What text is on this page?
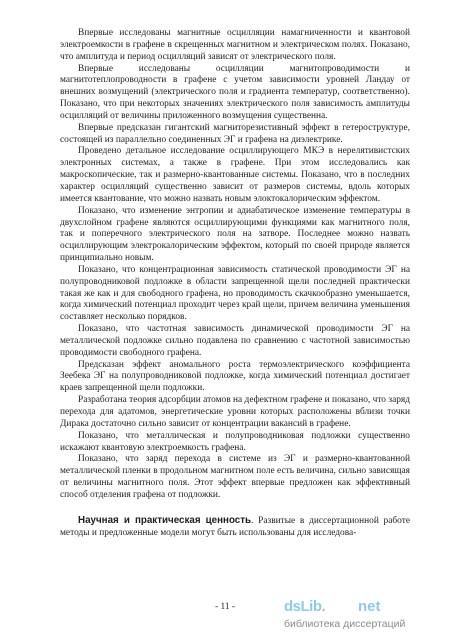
Впервые исследованы магнитные осцилляции намагниченности и квантовой электроемкости в графене в скрещенных магнитном и электрическом полях. Показано, что амплитуда и период осцилляций зависят от электрического поля.

Впервые исследованы осцилляции магнитопроводимости и магнитотеплопроводности в графене с учетом зависимости уровней Ландау от внешних возмущений (электрического поля и градиента температур, соответственно). Показано, что при некоторых значениях электрического поля зависимость амплитуды осцилляций от величины приложенного возмущения существенна.

Впервые предсказан гигантский магниторезистивный эффект в гетероструктуре, состоящей из параллельно соединенных ЭГ и графена на диэлектрике.

Проведено детальное исследование осциллирующего МКЭ в нерелятивистских электронных системах, а также в графене. При этом исследовались как макроскопические, так и размерно-квантованные системы. Показано, что в последних характер осцилляций существенно зависит от размеров системы, вдоль которых имеется квантование, что можно назвать новым элоктокалорическим эффектом.

Показано, что изменение энтропии и адиабатическое изменение температуры в двухслойном графене являются осциллирующими функциями как магнитного поля, так и поперечного электрического поля на затворе. Последнее можно назвать осциллирующим электрокалорическим эффектом, который по своей природе является принципиально новым.

Показано, что концентрационная зависимость статической проводимости ЭГ на полупроводниковой подложке в области запрещенной щели последней практически такая же как и для свободного графена, но проводимость скачкообразно уменьшается, когда химический потенциал проходит через край щели, причем величина уменьшения составляет несколько порядков.

Показано, что частотная зависимость динамической проводимости ЭГ на металлической подложке сильно подавлена по сравнению с частотной зависимостью проводимости свободного графена.

Предсказан эффект аномального роста термоэлектрического коэффициента Зеебека ЭГ на полупроводниковой подложке, когда химический потенциал достигает краев запрещенной щели подложки.

Разработана теория адсорбции атомов на дефектном графене и показано, что заряд перехода для адатомов, энергетические уровни которых расположены вблизи точки Дирака достаточно сильно зависит от концентрации вакансий в графене.

Показано, что металлическая и полупроводниковая подложки существенно искажают квантовую электроемкость графена.

Показано, что заряд перехода в системе из ЭГ и размерно-квантованной металлической пленки в продольном магнитном поле есть величина, сильно зависящая от величины магнитного поля. Этот эффект впервые предложен как эффективный способ отделения графена от подложки.

Научная и практическая ценность. Развитые в диссертационной работе методы и предложенные модели могут быть использованы для исследова-

- 11 -	dsLib. net
библиотека диссертаций
